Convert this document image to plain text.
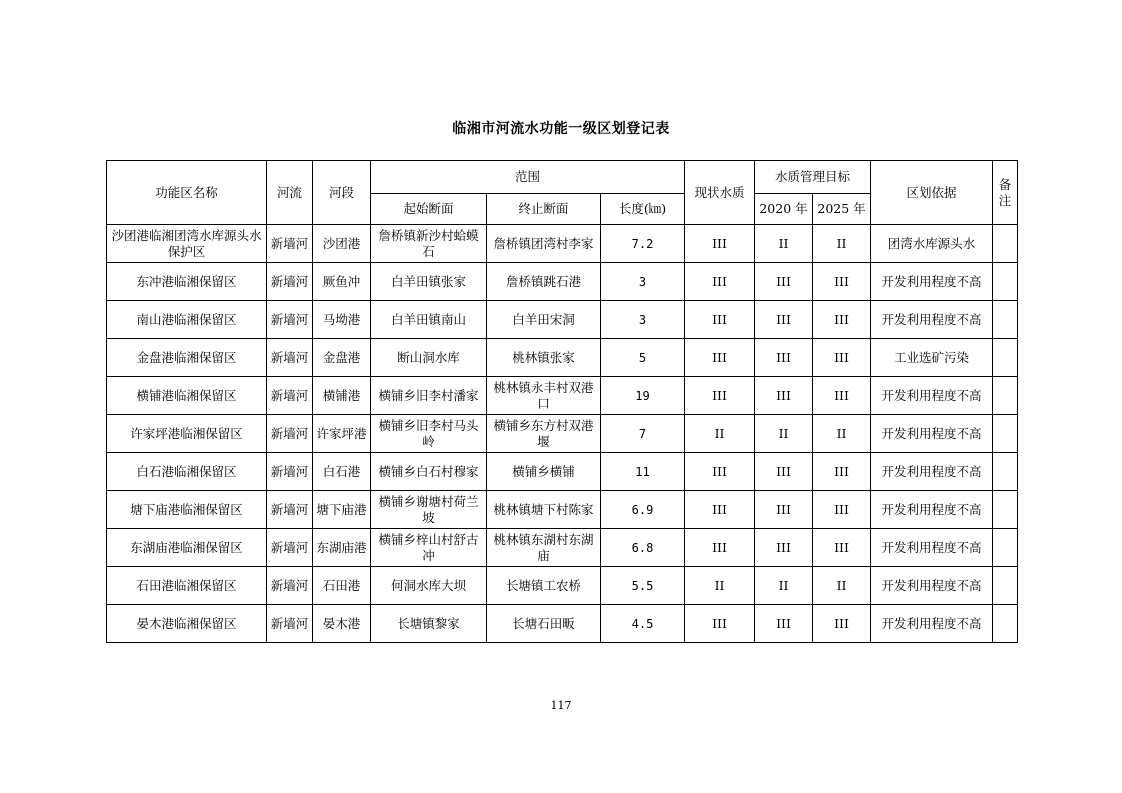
临湘市河流水功能一级区划登记表
功能区名称	河流	河段	范围			现状水质	水质管理目标		区划依据	备注
			起始断面	终止断面	长度(㎞)		2020 年	2025 年		
沙团港临湘团湾水库源头水保护区	新墙河	沙团港	詹桥镇新沙村蛤蟆石	詹桥镇团湾村李家	7.2	III	II	II	团湾水库源头水	
东冲港临湘保留区	新墙河	厥鱼冲	白羊田镇张家	詹桥镇跳石港	3	III	III	III	开发利用程度不高	
南山港临湘保留区	新墙河	马坳港	白羊田镇南山	白羊田宋洞	3	III	III	III	开发利用程度不高	
金盘港临湘保留区	新墙河	金盘港	断山洞水库	桃林镇张家	5	III	III	III	工业选矿污染	
横铺港临湘保留区	新墙河	横铺港	横铺乡旧李村潘家	桃林镇永丰村双港口	19	III	III	III	开发利用程度不高	
许家坪港临湘保留区	新墙河	许家坪港	横铺乡旧李村马头岭	横铺乡东方村双港堰	7	II	II	II	开发利用程度不高	
白石港临湘保留区	新墙河	白石港	横铺乡白石村穆家	横铺乡横铺	11	III	III	III	开发利用程度不高	
塘下庙港临湘保留区	新墙河	塘下庙港	横铺乡谢塘村荷兰坡	桃林镇塘下村陈家	6.9	III	III	III	开发利用程度不高	
东湖庙港临湘保留区	新墙河	东湖庙港	横铺乡梓山村舒古冲	桃林镇东湖村东湖庙	6.8	III	III	III	开发利用程度不高	
石田港临湘保留区	新墙河	石田港	何洞水库大坝	长塘镇工农桥	5.5	II	II	II	开发利用程度不高	
晏木港临湘保留区	新墙河	晏木港	长塘镇黎家	长塘石田畈	4.5	III	III	III	开发利用程度不高	
117
